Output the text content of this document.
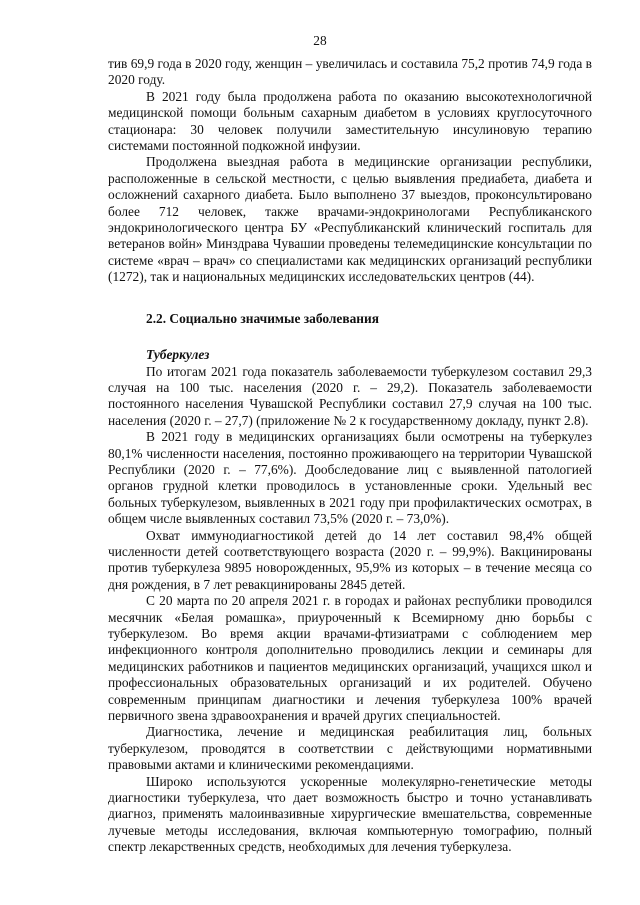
28

тив 69,9 года в 2020 году, женщин – увеличилась и составила 75,2 против 74,9 года в 2020 году.

В 2021 году была продолжена работа по оказанию высокотехнологичной медицинской помощи больным сахарным диабетом в условиях круглосуточного стационара: 30 человек получили заместительную инсулиновую терапию системами постоянной подкожной инфузии.

Продолжена выездная работа в медицинские организации республики, расположенные в сельской местности, с целью выявления предиабета, диабета и осложнений сахарного диабета. Было выполнено 37 выездов, проконсультировано более 712 человек, также врачами-эндокринологами Республиканского эндокринологического центра БУ «Республиканский клинический госпиталь для ветеранов войн» Минздрава Чувашии проведены телемедицинские консультации по системе «врач – врач» со специалистами как медицинских организаций республики (1272), так и национальных медицинских исследовательских центров (44).

2.2. Социально значимые заболевания

Туберкулез

По итогам 2021 года показатель заболеваемости туберкулезом составил 29,3 случая на 100 тыс. населения (2020 г. – 29,2). Показатель заболеваемости постоянного населения Чувашской Республики составил 27,9 случая на 100 тыс. населения (2020 г. – 27,7) (приложение № 2 к государственному докладу, пункт 2.8).

В 2021 году в медицинских организациях были осмотрены на туберкулез 80,1% численности населения, постоянно проживающего на территории Чувашской Республики (2020 г. – 77,6%). Дообследование лиц с выявленной патологией органов грудной клетки проводилось в установленные сроки. Удельный вес больных туберкулезом, выявленных в 2021 году при профилактических осмотрах, в общем числе выявленных составил 73,5% (2020 г. – 73,0%).

Охват иммунодиагностикой детей до 14 лет составил 98,4% общей численности детей соответствующего возраста (2020 г. – 99,9%). Вакцинированы против туберкулеза 9895 новорожденных, 95,9% из которых – в течение месяца со дня рождения, в 7 лет ревакцинированы 2845 детей.

С 20 марта по 20 апреля 2021 г. в городах и районах республики проводился месячник «Белая ромашка», приуроченный к Всемирному дню борьбы с туберкулезом. Во время акции врачами-фтизиатрами с соблюдением мер инфекционного контроля дополнительно проводились лекции и семинары для медицинских работников и пациентов медицинских организаций, учащихся школ и профессиональных образовательных организаций и их родителей. Обучено современным принципам диагностики и лечения туберкулеза 100% врачей первичного звена здравоохранения и врачей других специальностей.

Диагностика, лечение и медицинская реабилитация лиц, больных туберкулезом, проводятся в соответствии с действующими нормативными правовыми актами и клиническими рекомендациями.

Широко используются ускоренные молекулярно-генетические методы диагностики туберкулеза, что дает возможность быстро и точно устанавливать диагноз, применять малоинвазивные хирургические вмешательства, современные лучевые методы исследования, включая компьютерную томографию, полный спектр лекарственных средств, необходимых для лечения туберкулеза.
